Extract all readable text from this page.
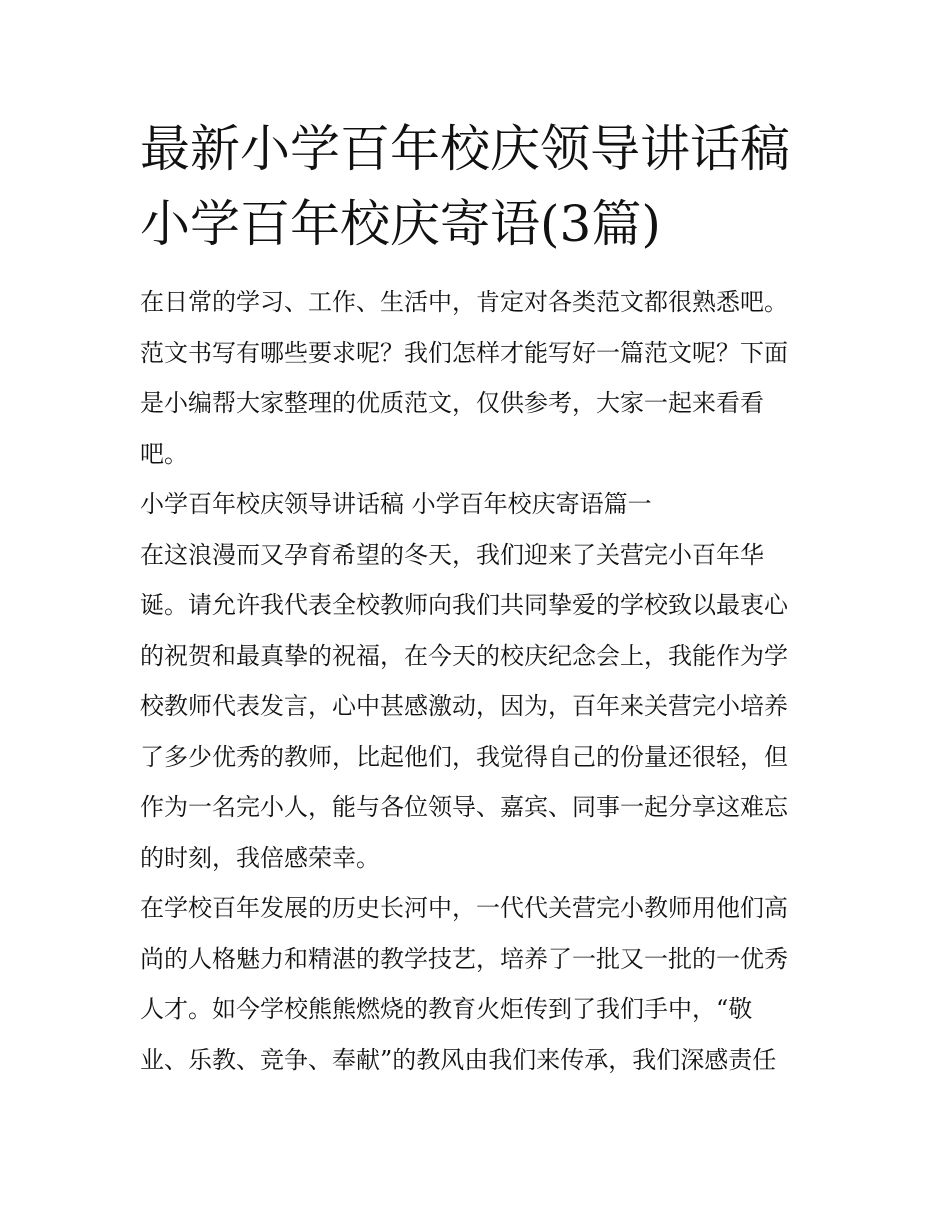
最新小学百年校庆领导讲话稿
小学百年校庆寄语(3篇)

在日常的学习、工作、生活中，肯定对各类范文都很熟悉吧。
范文书写有哪些要求呢？我们怎样才能写好一篇范文呢？下面
是小编帮大家整理的优质范文，仅供参考，大家一起来看看
吧。

小学百年校庆领导讲话稿 小学百年校庆寄语篇一

在这浪漫而又孕育希望的冬天，我们迎来了关营完小百年华
诞。请允许我代表全校教师向我们共同挚爱的学校致以最衷心
的祝贺和最真挚的祝福，在今天的校庆纪念会上，我能作为学
校教师代表发言，心中甚感激动，因为，百年来关营完小培养
了多少优秀的教师，比起他们，我觉得自己的份量还很轻，但
作为一名完小人，能与各位领导、嘉宾、同事一起分享这难忘
的时刻，我倍感荣幸。

在学校百年发展的历史长河中，一代代关营完小教师用他们高
尚的人格魅力和精湛的教学技艺，培养了一批又一批的一优秀
人才。如今学校熊熊燃烧的教育火炬传到了我们手中，“敬
业、乐教、竞争、奉献”的教风由我们来传承，我们深感责任
